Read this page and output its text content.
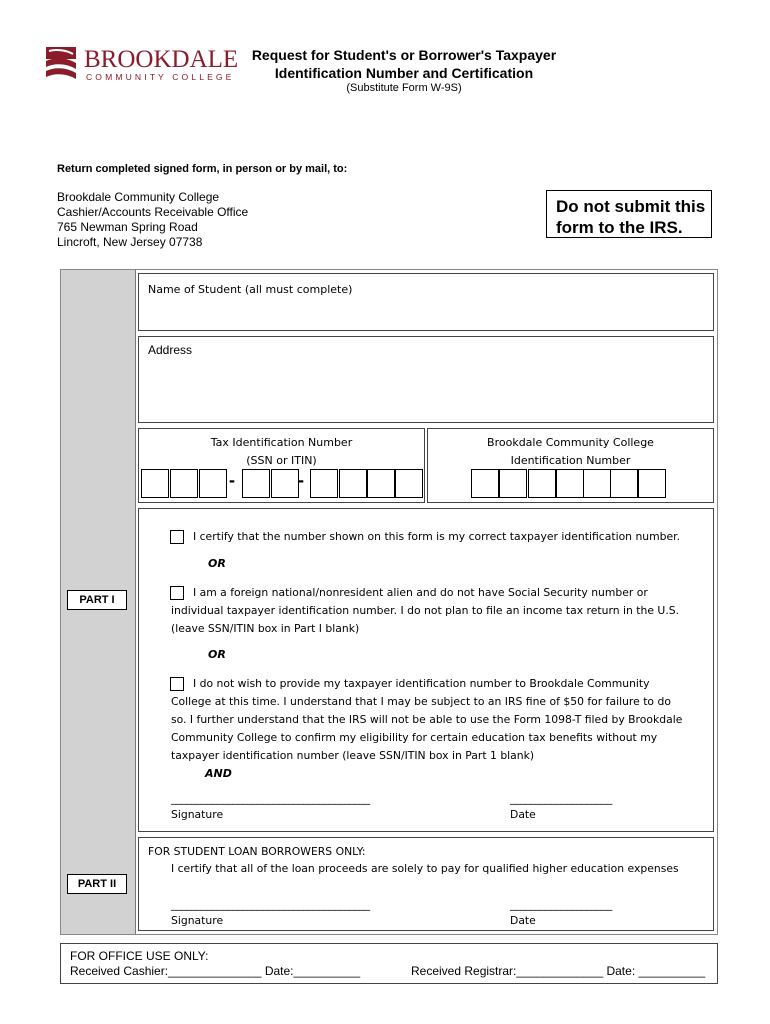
BROOKDALE
COMMUNITY COLLEGE
Request for Student's or Borrower's Taxpayer
Identification Number and Certification
(Substitute Form W-9S)
Return completed signed form, in person or by mail, to:
Brookdale Community College
Cashier/Accounts Receivable Office
765 Newman Spring Road
Lincroft, New Jersey 07738
Do not submit this
form to the IRS.
Name of Student (all must complete)
Address
Tax Identification Number
(SSN or ITIN)
-	-
Brookdale Community College
Identification Number
PART I
I certify that the number shown on this form is my correct taxpayer identification number.
OR
I am a foreign national/nonresident alien and do not have Social Security number or
individual taxpayer identification number. I do not plan to file an income tax return in the U.S.
(leave SSN/ITIN box in Part I blank)
OR
I do not wish to provide my taxpayer identification number to Brookdale Community
College at this time. I understand that I may be subject to an IRS fine of $50 for failure to do
so. I further understand that the IRS will not be able to use the Form 1098-T filed by Brookdale
Community College to confirm my eligibility for certain education tax benefits without my
taxpayer identification number (leave SSN/ITIN box in Part 1 blank)
AND
_______________________________________
Signature
____________________
Date
PART II
FOR STUDENT LOAN BORROWERS ONLY:
I certify that all of the loan proceeds are solely to pay for qualified higher education expenses
_______________________________________
Signature
____________________
Date
FOR OFFICE USE ONLY:
Received Cashier:______________ Date:__________	Received Registrar:_____________ Date: __________
